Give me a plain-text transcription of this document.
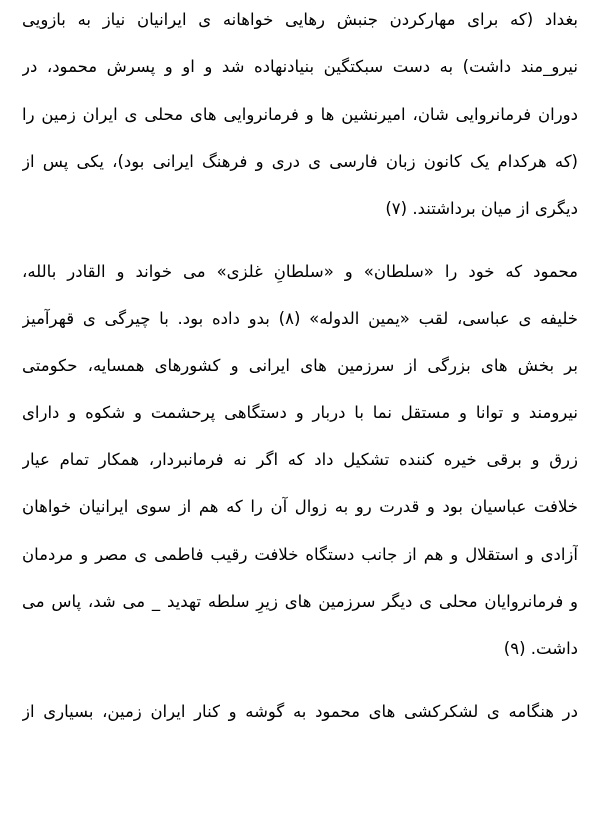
بغداد (که برای مهارکردن جنبش رهایی خواهانه ی ایرانیان نیاز به بازویی
نیرو_مند داشت) به دست سبکتگین بنیادنهاده شد و او و پسرش محمود، در
دوران فرمانروایی شان، امیرنشین ها و فرمانروایی های محلی ی ایران زمین را
(که هرکدام یک کانون زبان فارسی ی دری و فرهنگ ایرانی بود)، یکی پس از
دیگری از میان برداشتند. (۷)
محمود که خود را «سلطان» و «سلطانِ غلزی» می خواند و القادر بالله،
خلیفه ی عباسی، لقب «یمین الدوله» (۸) بدو داده بود. با چیرگی ی قهرآمیز
بر بخش های بزرگی از سرزمین های ایرانی و کشورهای همسایه، حکومتی
نیرومند و توانا و مستقل نما با دربار و دستگاهی پرحشمت و شکوه و دارای
زرق و برقی خیره کننده تشکیل داد که اگر نه فرمانبردار، همکار تمام عیار
خلافت عباسیان بود و قدرت رو به زوال آن را که هم از سوی ایرانیان خواهان
آزادی و استقلال و هم از جانب دستگاه خلافت رقیب فاطمی ی مصر و مردمان
و فرمانروایان محلی ی دیگر سرزمین های زیرِ سلطه تهدید _ می شد، پاس می
داشت. (۹)
در هنگامه ی لشکرکشی های محمود به گوشه و کنار ایران زمین، بسیاری از
